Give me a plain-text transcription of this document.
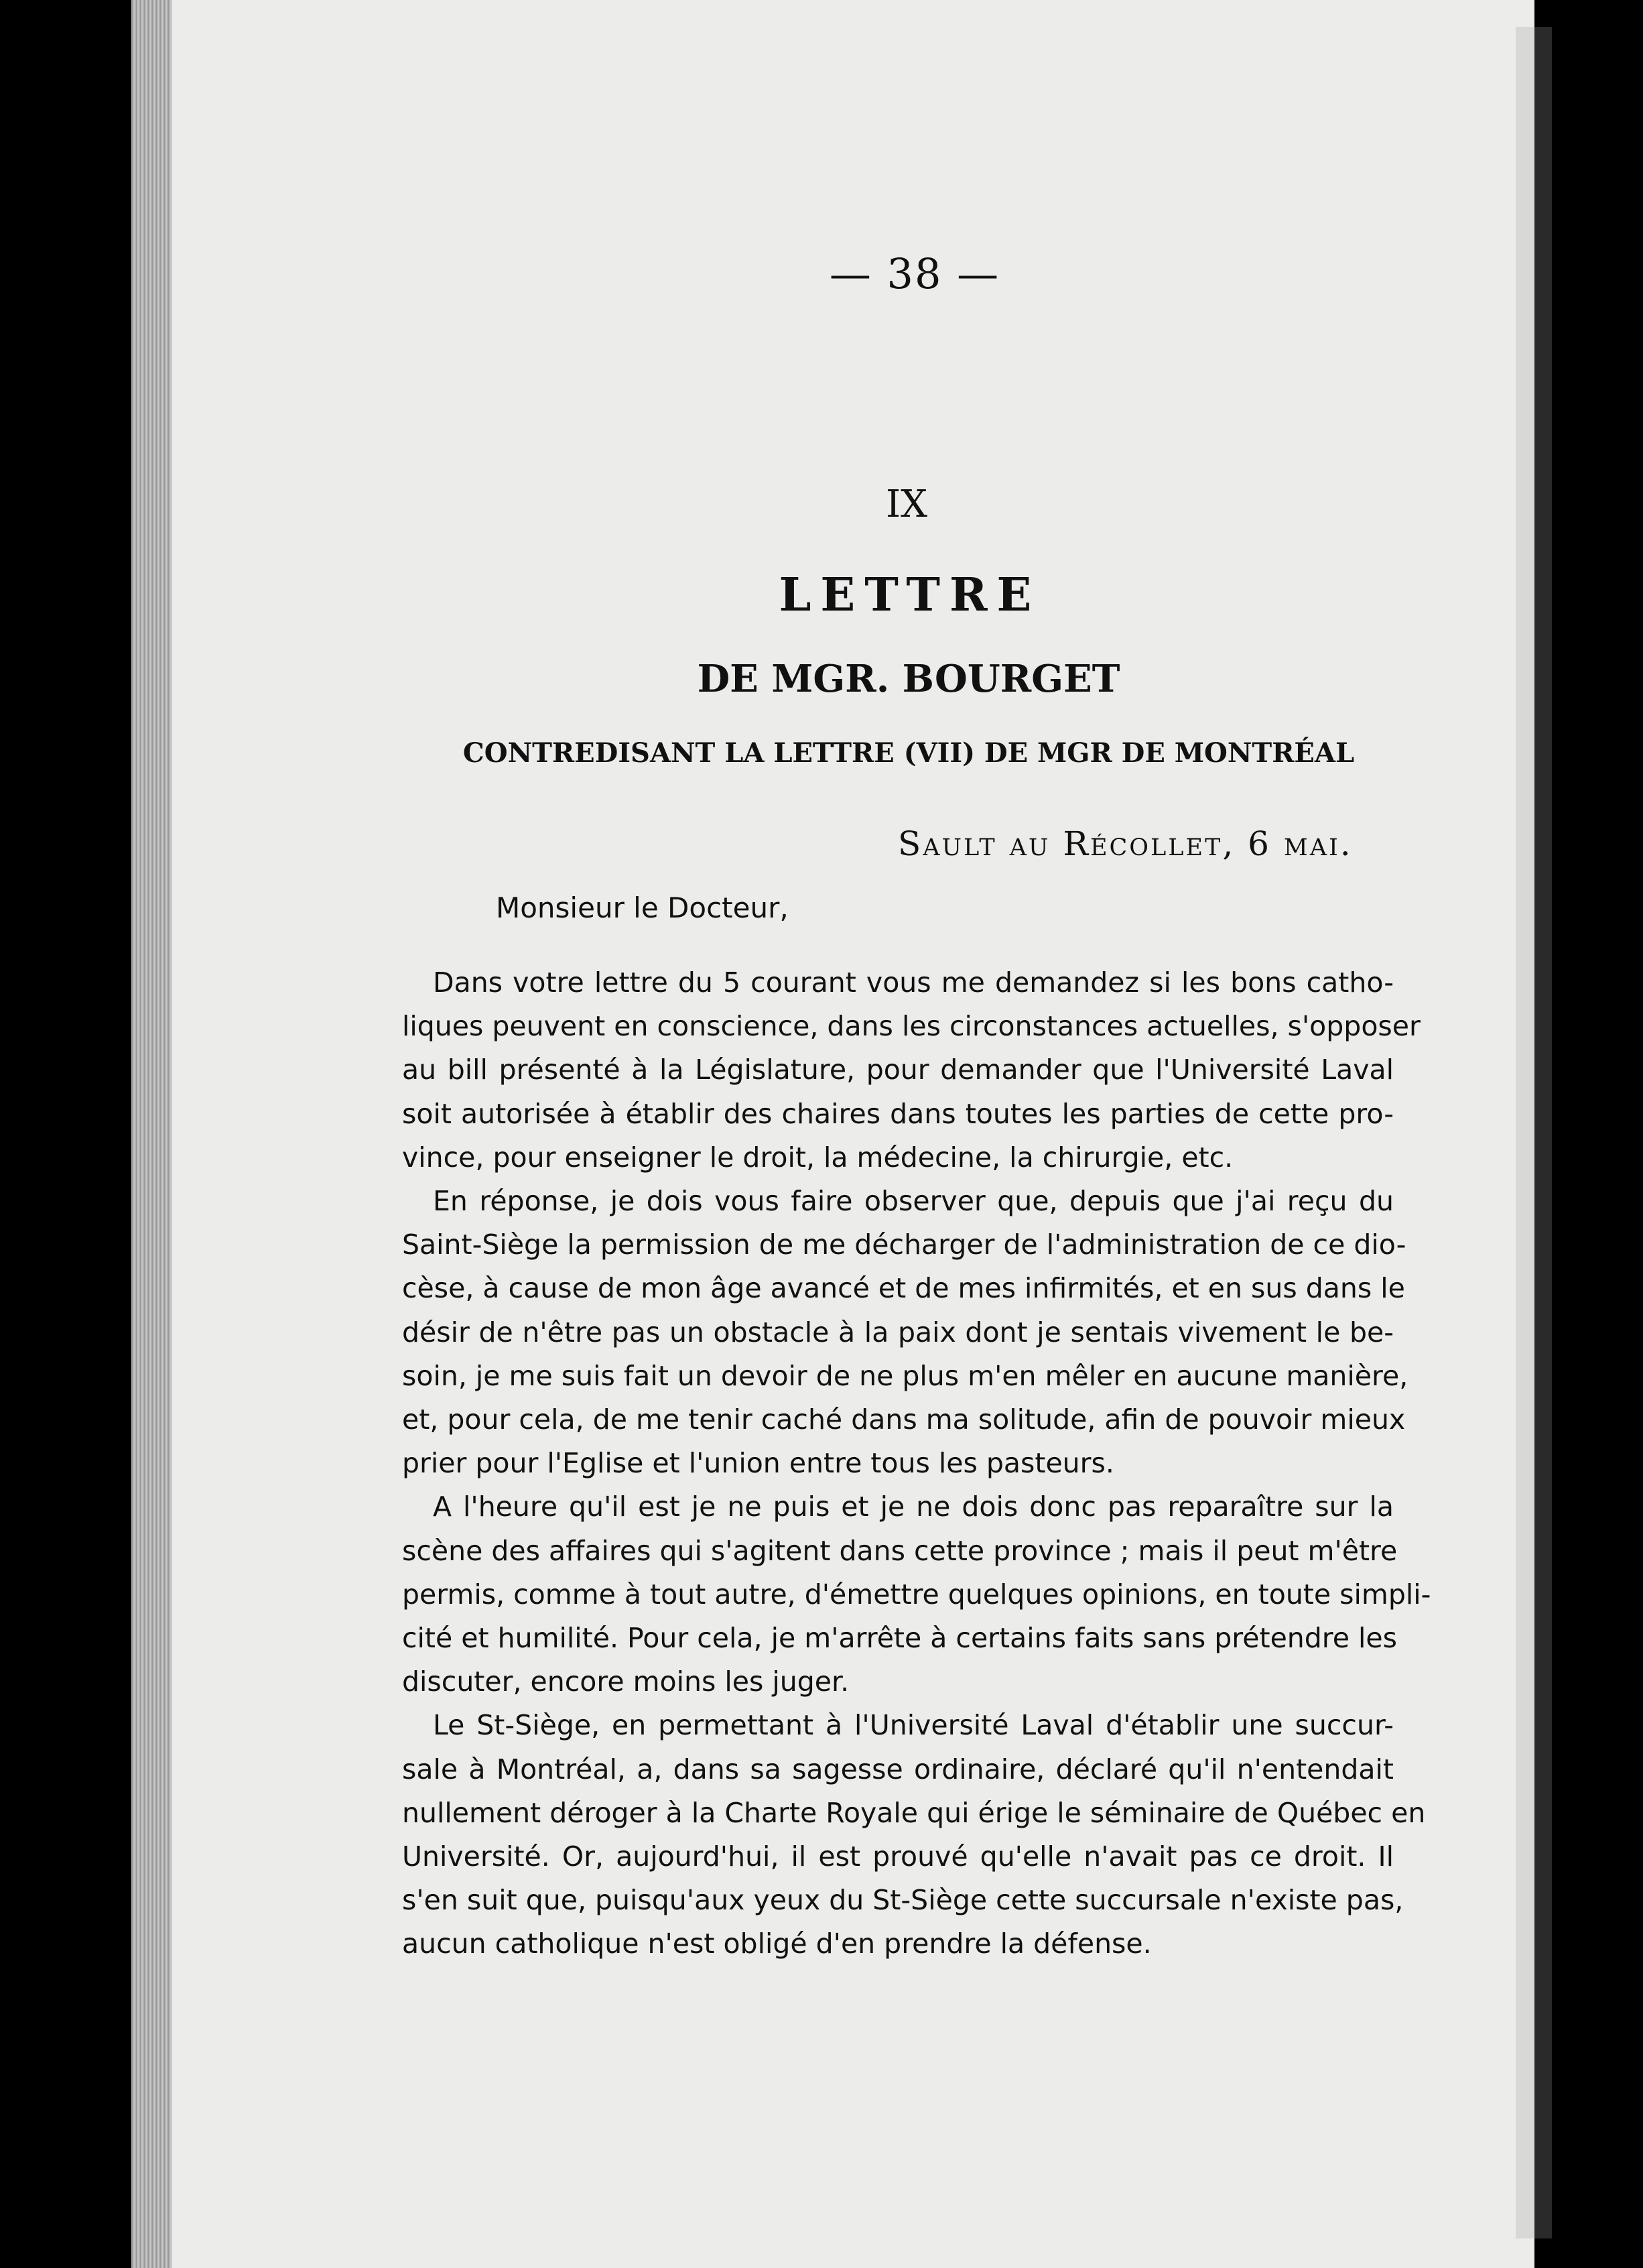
— 38 —
IX
LETTRE
DE MGR. BOURGET
CONTREDISANT LA LETTRE (VII) DE MGR DE MONTRÉAL
Sault au Récollet, 6 mai.
Monsieur le Docteur,
Dans votre lettre du 5 courant vous me demandez si les bons catho-
liques peuvent en conscience, dans les circonstances actuelles, s'opposer
au bill présenté à la Législature, pour demander que l'Université Laval
soit autorisée à établir des chaires dans toutes les parties de cette pro-
vince, pour enseigner le droit, la médecine, la chirurgie, etc.
En réponse, je dois vous faire observer que, depuis que j'ai reçu du
Saint-Siège la permission de me décharger de l'administration de ce dio-
cèse, à cause de mon âge avancé et de mes infirmités, et en sus dans le
désir de n'être pas un obstacle à la paix dont je sentais vivement le be-
soin, je me suis fait un devoir de ne plus m'en mêler en aucune manière,
et, pour cela, de me tenir caché dans ma solitude, afin de pouvoir mieux
prier pour l'Eglise et l'union entre tous les pasteurs.
A l'heure qu'il est je ne puis et je ne dois donc pas reparaître sur la
scène des affaires qui s'agitent dans cette province ; mais il peut m'être
permis, comme à tout autre, d'émettre quelques opinions, en toute simpli-
cité et humilité. Pour cela, je m'arrête à certains faits sans prétendre les
discuter, encore moins les juger.
Le St-Siège, en permettant à l'Université Laval d'établir une succur-
sale à Montréal, a, dans sa sagesse ordinaire, déclaré qu'il n'entendait
nullement déroger à la Charte Royale qui érige le séminaire de Québec en
Université. Or, aujourd'hui, il est prouvé qu'elle n'avait pas ce droit. Il
s'en suit que, puisqu'aux yeux du St-Siège cette succursale n'existe pas,
aucun catholique n'est obligé d'en prendre la défense.
